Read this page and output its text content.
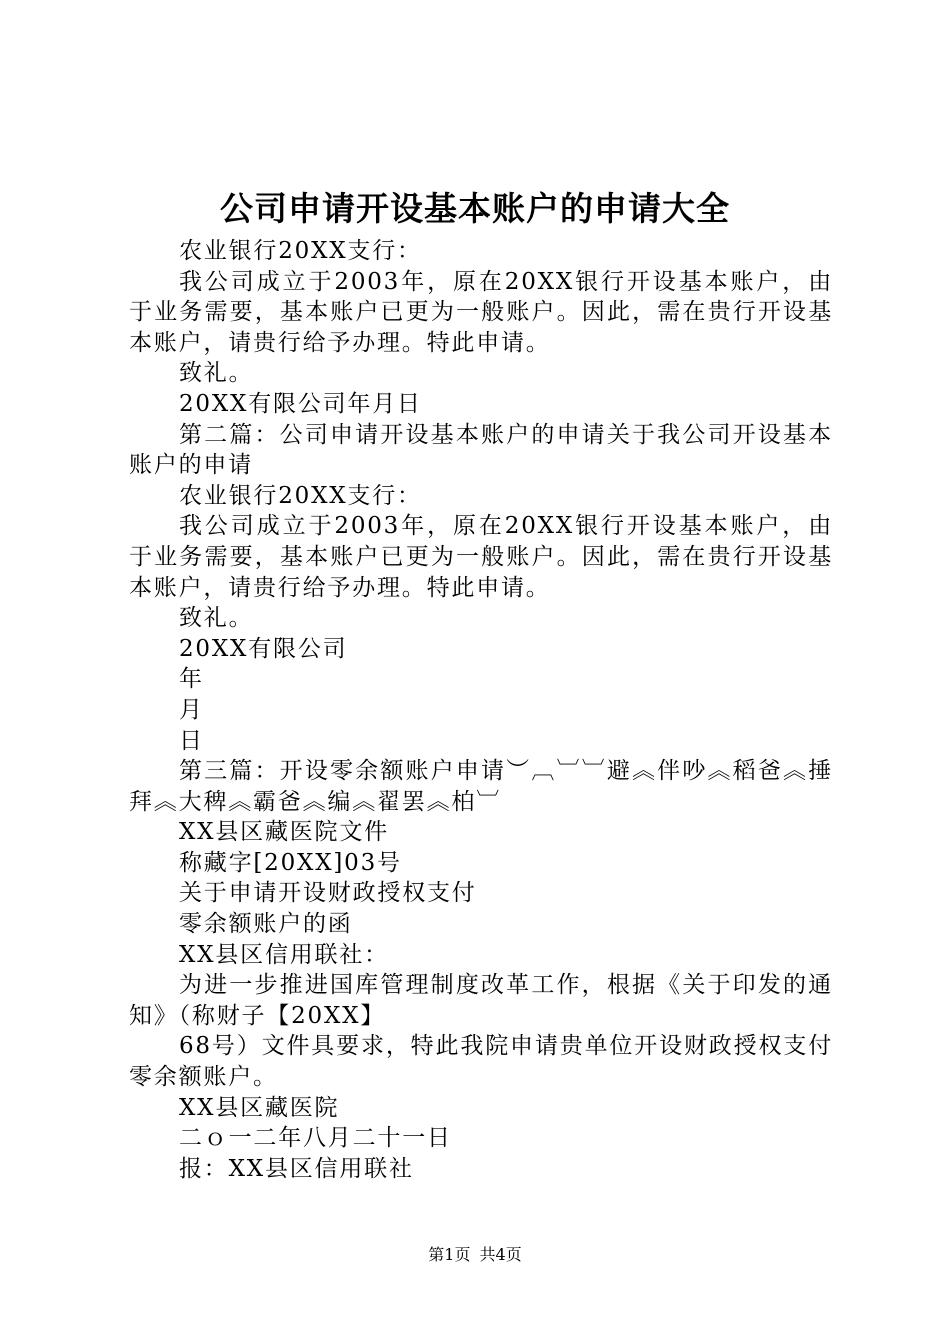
公司申请开设基本账户的申请大全

农业银行20XX支行：

我公司成立于2003年，原在20XX银行开设基本账户，由于业务需要，基本账户已更为一般账户。因此，需在贵行开设基本账户，请贵行给予办理。特此申请。

致礼。

20XX有限公司年月日

第二篇：公司申请开设基本账户的申请关于我公司开设基本账户的申请

农业银行20XX支行：

我公司成立于2003年，原在20XX银行开设基本账户，由于业务需要，基本账户已更为一般账户。因此，需在贵行开设基本账户，请贵行给予办理。特此申请。

致礼。

20XX有限公司

年

月

日

第三篇：开设零余额账户申请︶︹︺︺避︽伴吵︽稻爸︽捶拜︽大稗︽霸爸︽编︽翟罢︽柏︺

XX县区藏医院文件

称藏字[20XX]03号

关于申请开设财政授权支付

零余额账户的函

XX县区信用联社：

为进一步推进国库管理制度改革工作，根据《关于印发的通知》（称财子【20XX】

68号）文件具要求，特此我院申请贵单位开设财政授权支付零余额账户。

XX县区藏医院

二ｏ一二年八月二十一日

报：XX县区信用联社

第1页 共4页
